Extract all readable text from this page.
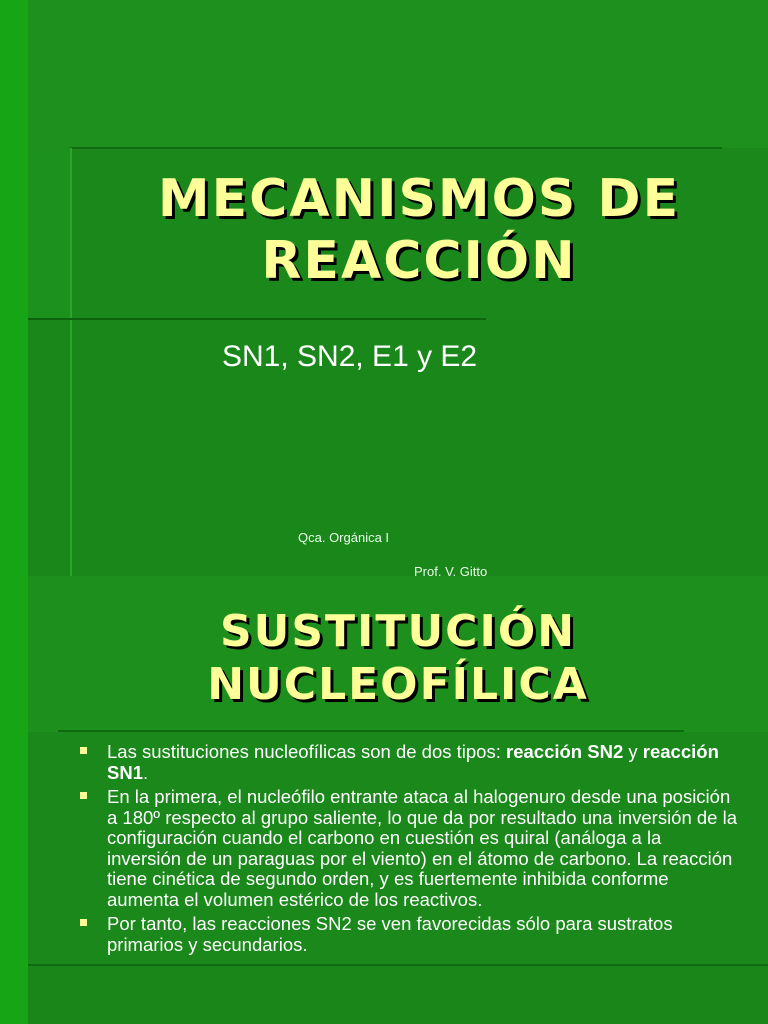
MECANISMOS DE
REACCIÓN
SN1, SN2, E1 y E2
Qca. Orgánica I
Prof. V. Gitto
SUSTITUCIÓN
NUCLEOFÍLICA
Las sustituciones nucleofílicas son de dos tipos: reacción SN2 y reacción SN1.
En la primera, el nucleófilo entrante ataca al halogenuro desde una posición a 180º respecto al grupo saliente, lo que da por resultado una inversión de la configuración cuando el carbono en cuestión es quiral (análoga a la inversión de un paraguas por el viento) en el átomo de carbono. La reacción tiene cinética de segundo orden, y es fuertemente inhibida conforme aumenta el volumen estérico de los reactivos.
Por tanto, las reacciones SN2 se ven favorecidas sólo para sustratos primarios y secundarios.
